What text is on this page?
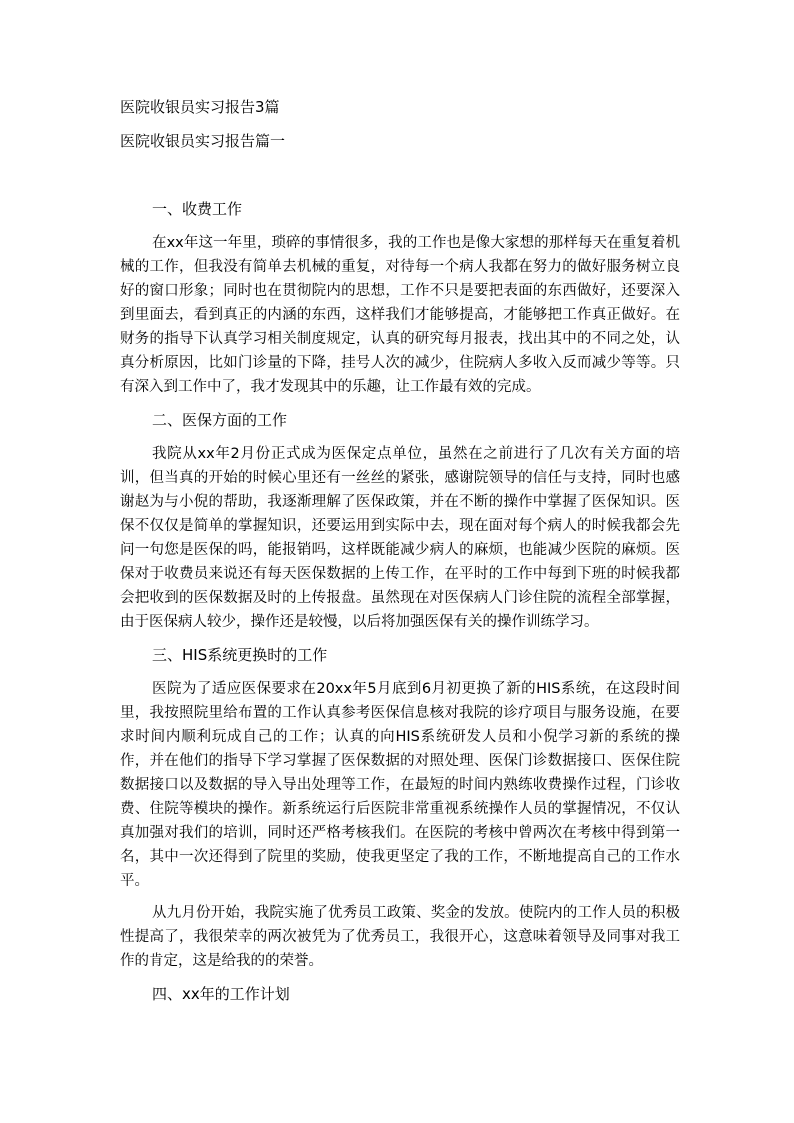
医院收银员实习报告3篇
医院收银员实习报告篇一
一、收费工作

在xx年这一年里，琐碎的事情很多，我的工作也是像大家想的那样每天在重复着机械的工作，但我没有简单去机械的重复，对待每一个病人我都在努力的做好服务树立良好的窗口形象；同时也在贯彻院内的思想，工作不只是要把表面的东西做好，还要深入到里面去，看到真正的内涵的东西，这样我们才能够提高，才能够把工作真正做好。在财务的指导下认真学习相关制度规定，认真的研究每月报表，找出其中的不同之处，认真分析原因，比如门诊量的下降，挂号人次的减少，住院病人多收入反而减少等等。只有深入到工作中了，我才发现其中的乐趣，让工作最有效的完成。

二、医保方面的工作

我院从xx年2月份正式成为医保定点单位，虽然在之前进行了几次有关方面的培训，但当真的开始的时候心里还有一丝丝的紧张，感谢院领导的信任与支持，同时也感谢赵为与小倪的帮助，我逐渐理解了医保政策，并在不断的操作中掌握了医保知识。医保不仅仅是简单的掌握知识，还要运用到实际中去，现在面对每个病人的时候我都会先问一句您是医保的吗，能报销吗，这样既能减少病人的麻烦，也能减少医院的麻烦。医保对于收费员来说还有每天医保数据的上传工作，在平时的工作中每到下班的时候我都会把收到的医保数据及时的上传报盘。虽然现在对医保病人门诊住院的流程全部掌握，由于医保病人较少，操作还是较慢，以后将加强医保有关的操作训练学习。

三、HIS系统更换时的工作

医院为了适应医保要求在20xx年5月底到6月初更换了新的HIS系统，在这段时间里，我按照院里给布置的工作认真参考医保信息核对我院的诊疗项目与服务设施，在要求时间内顺利玩成自己的工作；认真的向HIS系统研发人员和小倪学习新的系统的操作，并在他们的指导下学习掌握了医保数据的对照处理、医保门诊数据接口、医保住院数据接口以及数据的导入导出处理等工作，在最短的时间内熟练收费操作过程，门诊收费、住院等模块的操作。新系统运行后医院非常重视系统操作人员的掌握情况，不仅认真加强对我们的培训，同时还严格考核我们。在医院的考核中曾两次在考核中得到第一名，其中一次还得到了院里的奖励，使我更坚定了我的工作，不断地提高自己的工作水平。

从九月份开始，我院实施了优秀员工政策、奖金的发放。使院内的工作人员的积极性提高了，我很荣幸的两次被凭为了优秀员工，我很开心，这意味着领导及同事对我工作的肯定，这是给我的的荣誉。

四、xx年的工作计划
